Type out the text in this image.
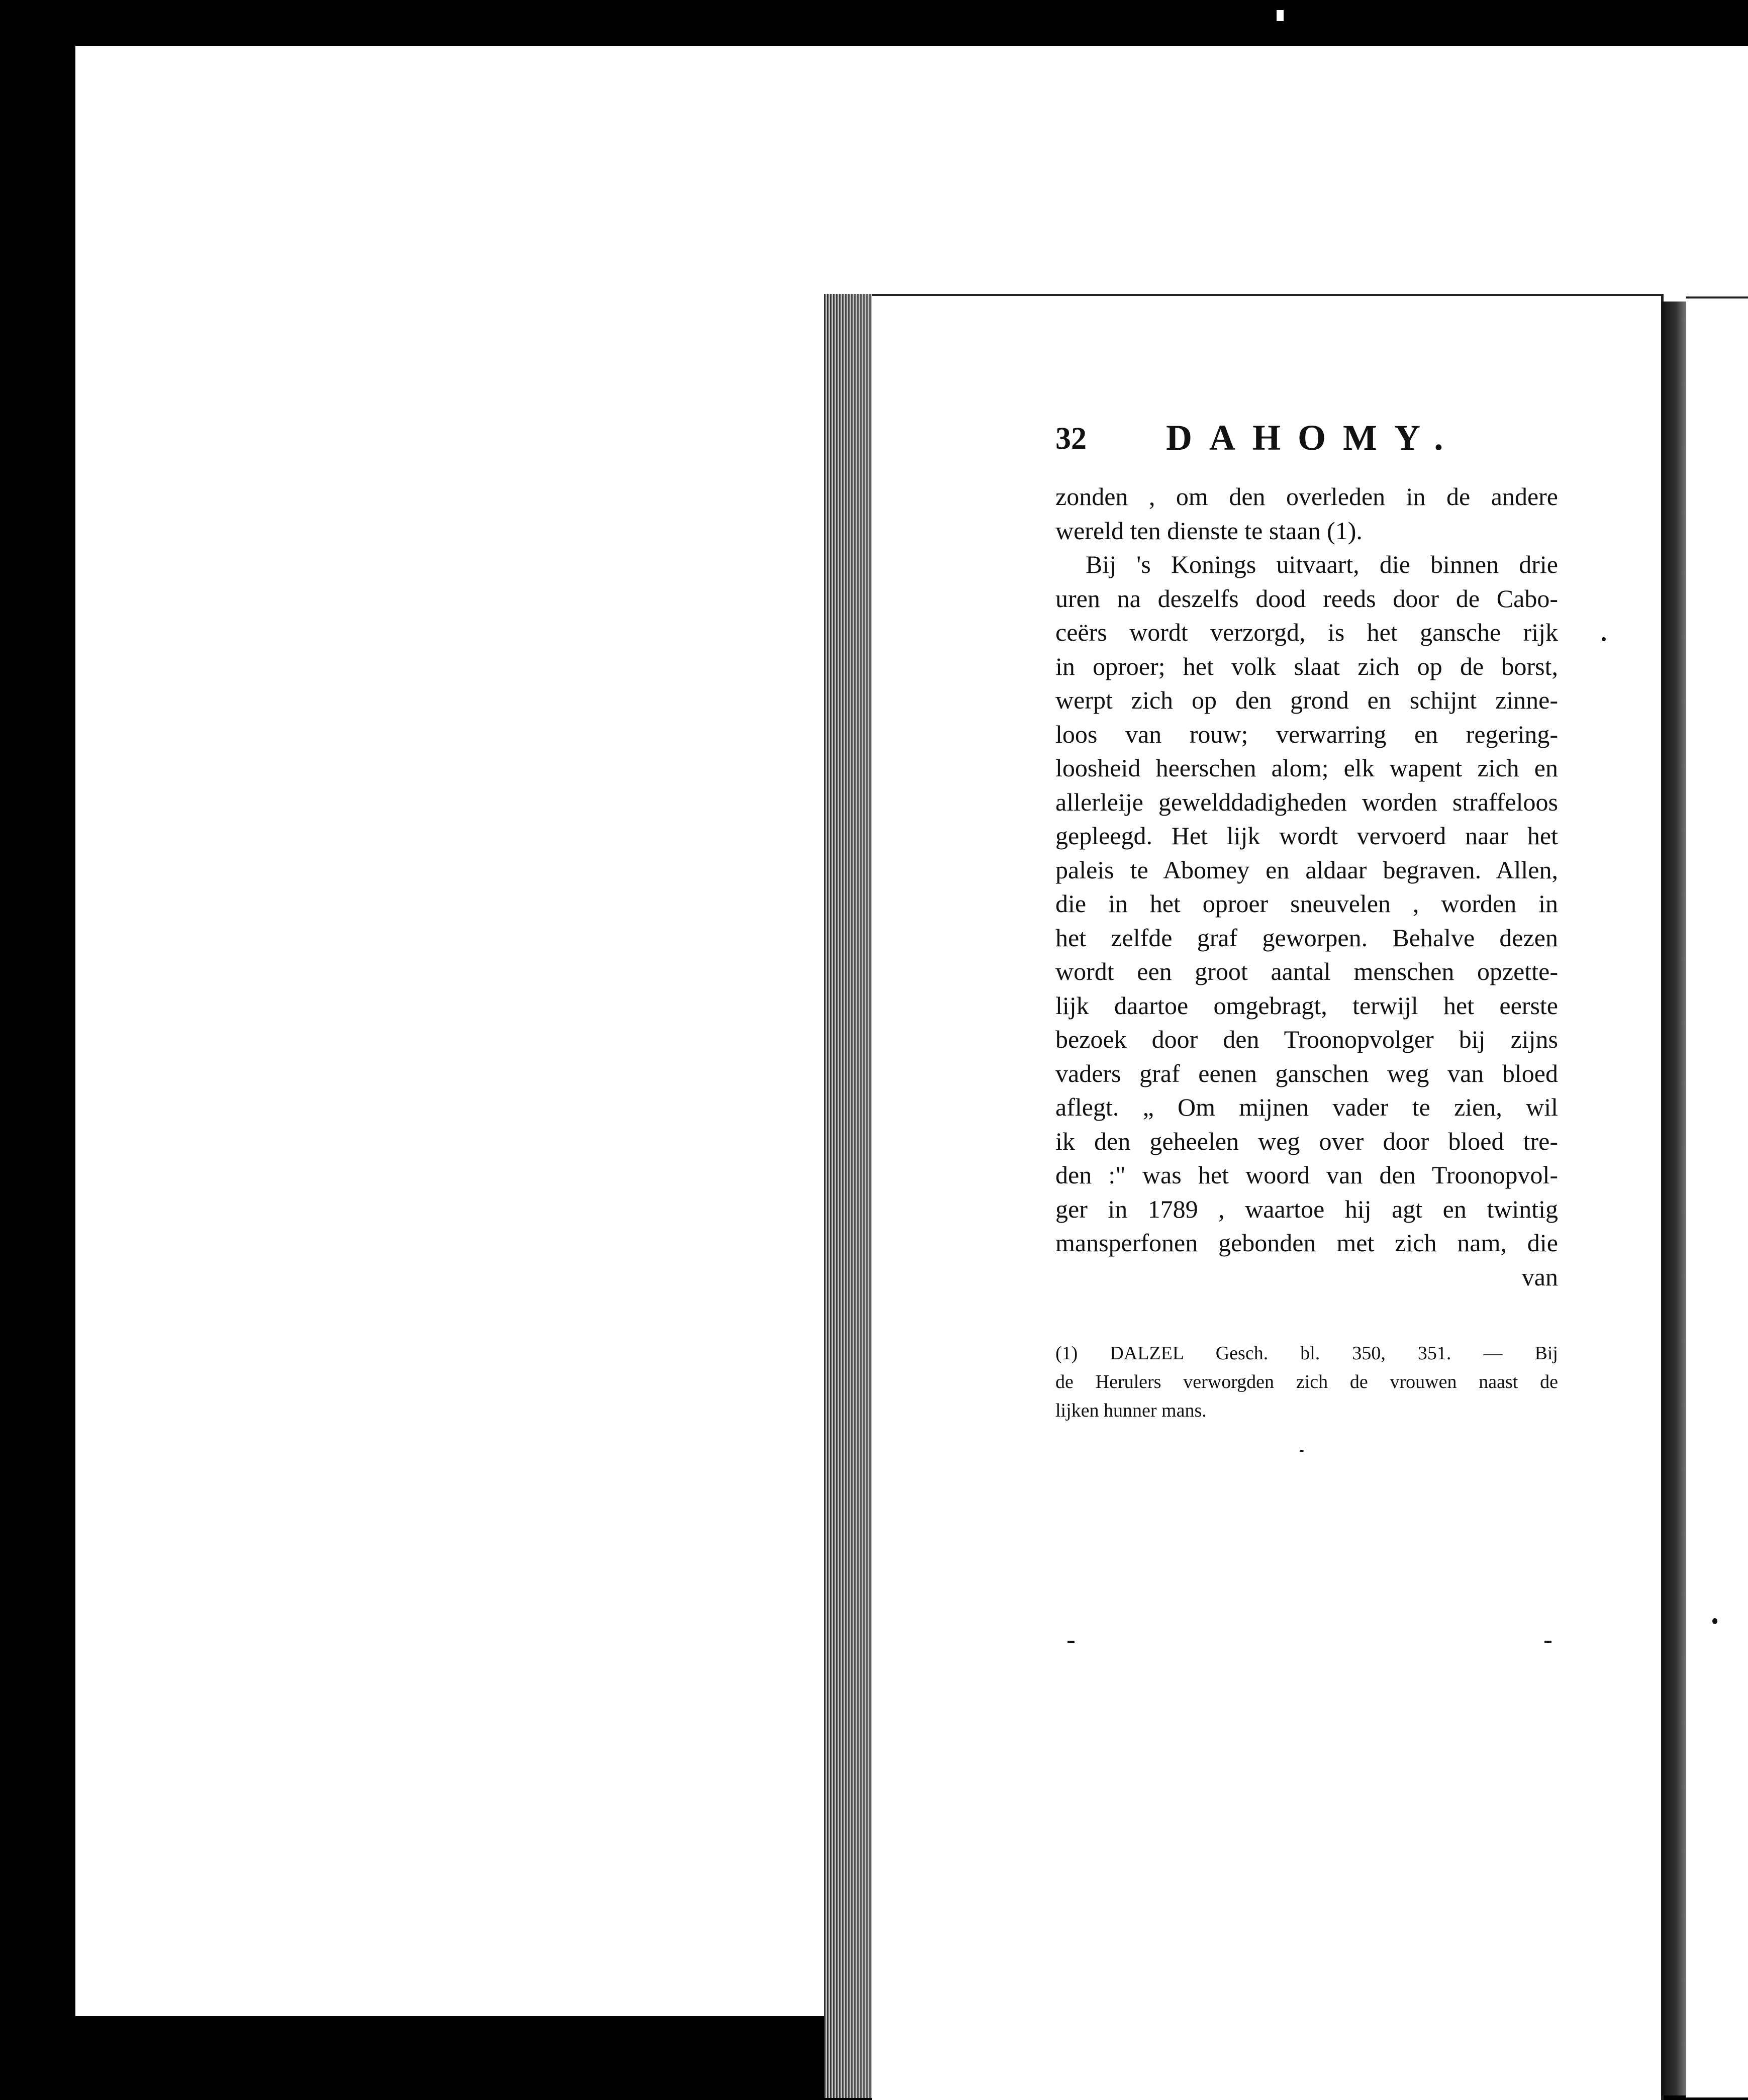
32 DAHOMY.
zonden , om den overleden in de andere
wereld ten dienste te staan (1).
Bij 's Konings uitvaart, die binnen drie
uren na deszelfs dood reeds door de Cabo-
ceërs wordt verzorgd, is het gansche rijk
in oproer; het volk slaat zich op de borst,
werpt zich op den grond en schijnt zinne-
loos van rouw; verwarring en regering-
loosheid heerschen alom; elk wapent zich en
allerleije gewelddadigheden worden straffeloos
gepleegd. Het lijk wordt vervoerd naar het
paleis te Abomey en aldaar begraven. Allen,
die in het oproer sneuvelen , worden in
het zelfde graf geworpen. Behalve dezen
wordt een groot aantal menschen opzette-
lijk daartoe omgebragt, terwijl het eerste
bezoek door den Troonopvolger bij zijns
vaders graf eenen ganschen weg van bloed
aflegt. „ Om mijnen vader te zien, wil
ik den geheelen weg over door bloed tre-
den :" was het woord van den Troonopvol-
ger in 1789 , waartoe hij agt en twintig
mansperfonen gebonden met zich nam, die
van
(1) DALZEL Gesch. bl. 350, 351. — Bij
de Herulers verworgden zich de vrouwen naast de
lijken hunner mans.
